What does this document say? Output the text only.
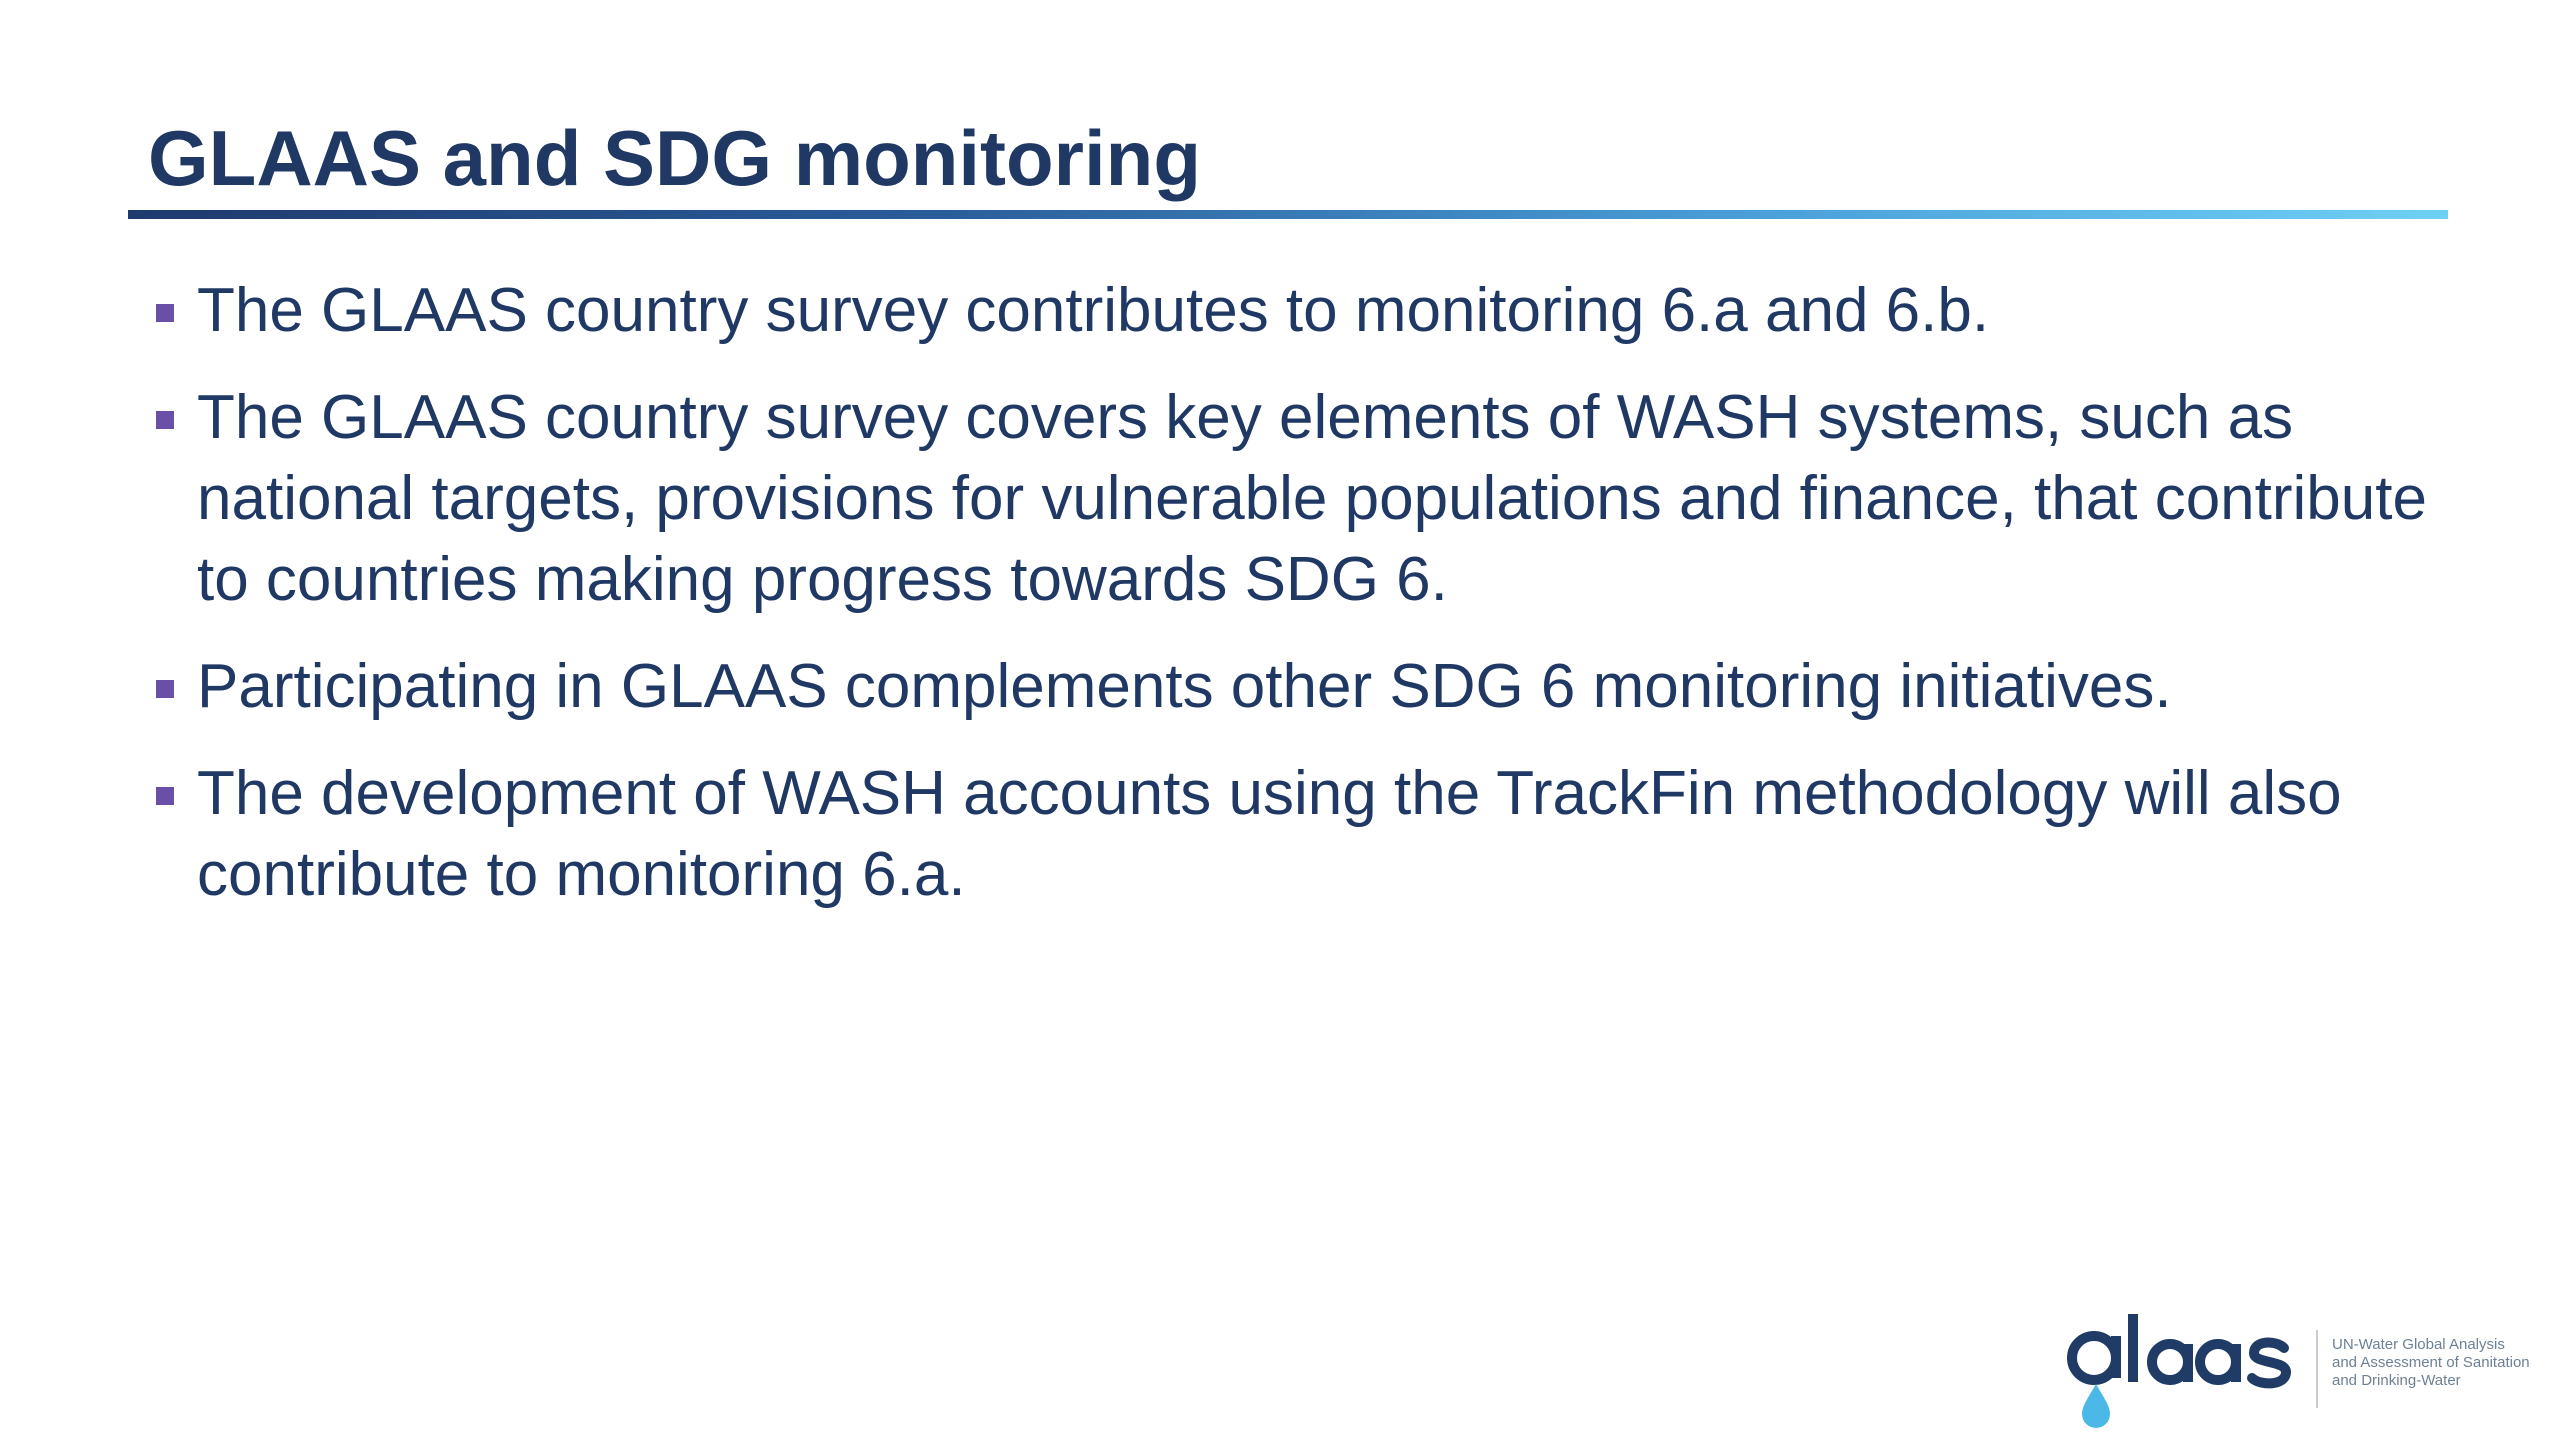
GLAAS and SDG monitoring
The GLAAS country survey contributes to monitoring 6.a and 6.b.
The GLAAS country survey covers key elements of WASH systems, such as national targets, provisions for vulnerable populations and finance, that contribute to countries making progress towards SDG 6.
Participating in GLAAS complements other SDG 6 monitoring initiatives.
The development of WASH accounts using the TrackFin methodology will also contribute to monitoring 6.a.
UN-Water Global Analysis
and Assessment of Sanitation
and Drinking-Water
